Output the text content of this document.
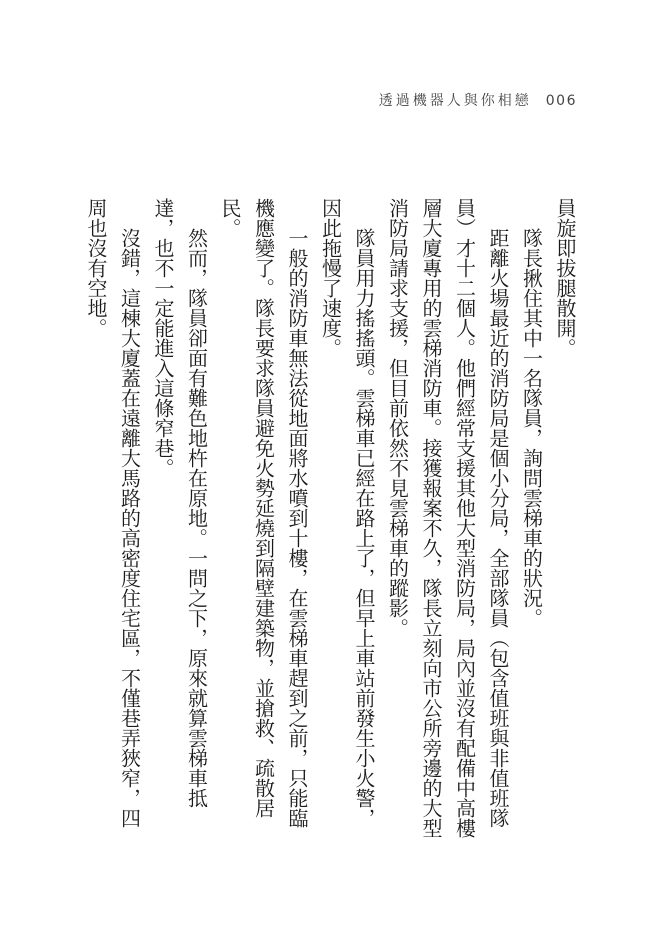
透過機器人與你相戀 006

員旋即拔腿散開。

隊長揪住其中一名隊員，詢問雲梯車的狀況。

距離火場最近的消防局是個小分局，全部隊員（包含值班與非值班隊員）才十二個人。他們經常支援其他大型消防局，局內並沒有配備中高樓層大廈專用的雲梯消防車。接獲報案不久，隊長立刻向市公所旁邊的大型消防局請求支援，但目前依然不見雲梯車的蹤影。

隊員用力搖搖頭。雲梯車已經在路上了，但早上車站前發生小火警，因此拖慢了速度。

一般的消防車無法從地面將水噴到十樓，在雲梯車趕到之前，只能臨機應變了。隊長要求隊員避免火勢延燒到隔壁建築物，並搶救、疏散居民。

然而，隊員卻面有難色地杵在原地。一問之下，原來就算雲梯車抵達，也不一定能進入這條窄巷。

沒錯，這棟大廈蓋在遠離大馬路的高密度住宅區，不僅巷弄狹窄，四周也沒有空地。
